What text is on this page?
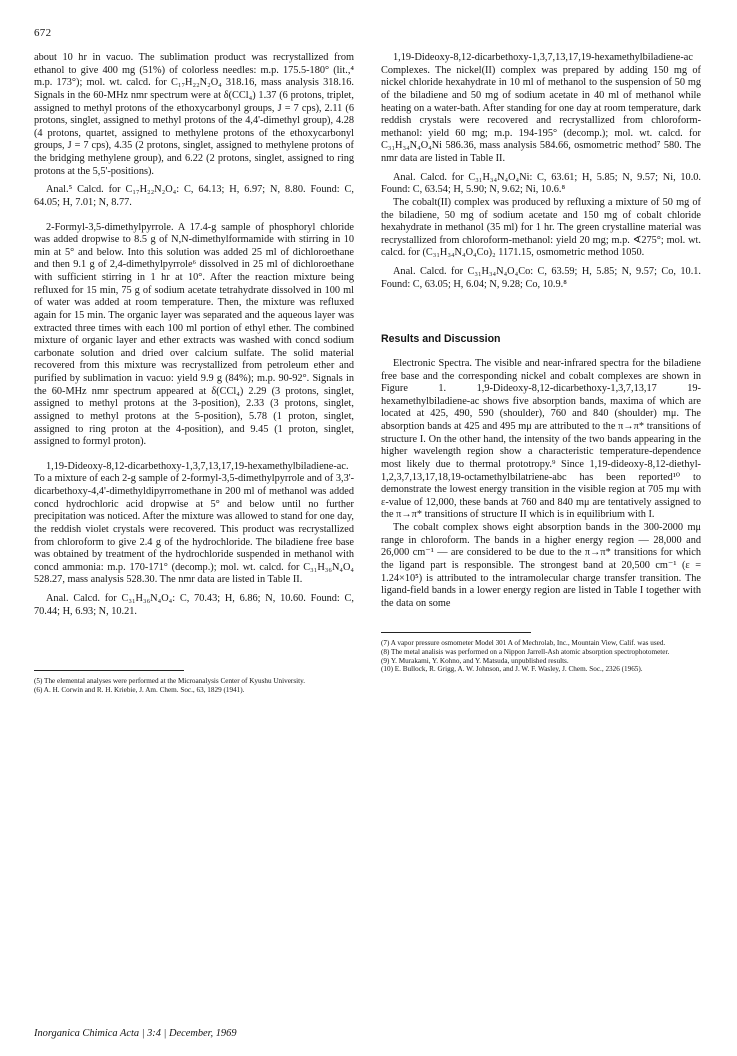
672

about 10 hr in vacuo. The sublimation product was recrystallized from ethanol to give 400 mg (51%) of colorless needles: m.p. 175.5-180° (lit.,⁴ m.p. 173°); mol. wt. calcd. for C₁₇H₂₂N₂O₄ 318.16, mass analysis 318.16. Signals in the 60-MHz nmr spectrum were at δ(CCl₄) 1.37 (6 protons, triplet, assigned to methyl protons of the ethoxycarbonyl groups, J = 7 cps), 2.11 (6 protons, singlet, assigned to methyl protons of the 4,4'-dimethyl group), 4.28 (4 protons, quartet, assigned to methylene protons of the ethoxycarbonyl groups, J = 7 cps), 4.35 (2 protons, singlet, assigned to methylene protons of the bridging methylene group), and 6.22 (2 protons, singlet, assigned to ring protons at the 5,5'-positions).

Anal.⁵ Calcd. for C₁₇H₂₂N₂O₄: C, 64.13; H, 6.97; N, 8.80. Found: C, 64.05; H, 7.01; N, 8.77.

2-Formyl-3,5-dimethylpyrrole. A 17.4-g sample of phosphoryl chloride was added dropwise to 8.5 g of N,N-dimethylformamide with stirring in 10 min at 5° and below. Into this solution was added 25 ml of dichloroethane and then 9.1 g of 2,4-dimethylpyrrole⁶ dissolved in 25 ml of dichloroethane with sufficient stirring in 1 hr at 10°. After the reaction mixture being refluxed for 15 min, 75 g of sodium acetate tetrahydrate dissolved in 100 ml of water was added at room temperature. Then, the mixture was refluxed again for 15 min. The organic layer was separated and the aqueous layer was extracted three times with each 100 ml portion of ethyl ether. The combined mixture of organic layer and ether extracts was washed with concd sodium carbonate solution and dried over calcium sulfate. The solid material recovered from this mixture was recrystallized from petroleum ether and purified by sublimation in vacuo: yield 9.9 g (84%); m.p. 90-92°. Signals in the 60-MHz nmr spectrum appeared at δ(CCl₄) 2.29 (3 protons, singlet, assigned to methyl protons at the 3-position), 2.33 (3 protons, singlet, assigned to methyl protons at the 5-position), 5.78 (1 proton, singlet, assigned to ring proton at the 4-position), and 9.45 (1 proton, singlet, assigned to formyl proton).

1,19-Dideoxy-8,12-dicarbethoxy-1,3,7,13,17,19-hexamethylbiladiene-ac. To a mixture of each 2-g sample of 2-formyl-3,5-dimethylpyrrole and of 3,3'-dicarbethoxy-4,4'-dimethyldipyrromethane in 200 ml of methanol was added concd hydrochloric acid dropwise at 5° and below until no further precipitation was noticed. After the mixture was allowed to stand for one day, the reddish violet crystals were recovered. This product was recrystallized from chloroform to give 2.4 g of the hydrochloride. The biladiene free base was obtained by treatment of the hydrochloride suspended in methanol with concd ammonia: m.p. 170-171° (decomp.); mol. wt. calcd. for C₃₁H₃₆N₄O₄ 528.27, mass analysis 528.30. The nmr data are listed in Table II.

Anal. Calcd. for C₃₁H₃₆N₄O₄: C, 70.43; H, 6.86; N, 10.60. Found: C, 70.44; H, 6.93; N, 10.21.

(5) The elemental analyses were performed at the Microanalysis Center of Kyushu University.

(6) A. H. Corwin and R. H. Kriebie, J. Am. Chem. Soc., 63, 1829 (1941).

1,19-Dideoxy-8,12-dicarbethoxy-1,3,7,13,17,19-hexamethylbiladiene-ac Complexes. The nickel(II) complex was prepared by adding 150 mg of nickel chloride hexahydrate in 10 ml of methanol to the suspension of 50 mg of the biladiene and 50 mg of sodium acetate in 40 ml of methanol while heating on a water-bath. After standing for one day at room temperature, dark reddish crystals were recovered and recrystallized from chloroform-methanol: yield 60 mg; m.p. 194-195° (decomp.); mol. wt. calcd. for C₃₁H₃₄N₄O₄Ni 586.36, mass analysis 584.66, osmometric method⁷ 580. The nmr data are listed in Table II.

Anal. Calcd. for C₃₁H₃₄N₄O₄Ni: C, 63.61; H, 5.85; N, 9.57; Ni, 10.0. Found: C, 63.54; H, 5.90; N, 9.62; Ni, 10.6.⁸

The cobalt(II) complex was produced by refluxing a mixture of 50 mg of the biladiene, 50 mg of sodium acetate and 150 mg of cobalt chloride hexahydrate in methanol (35 ml) for 1 hr. The green crystalline material was recrystallized from chloroform-methanol: yield 20 mg; m.p. ∢275°; mol. wt. calcd. for (C₃₁H₃₄N₄O₄Co)₂ 1171.15, osmometric method 1050.

Anal. Calcd. for C₃₁H₃₄N₄O₄Co: C, 63.59; H, 5.85; N, 9.57; Co, 10.1. Found: C, 63.05; H, 6.04; N, 9.28; Co, 10.9.⁸

Results and Discussion

Electronic Spectra. The visible and near-infrared spectra for the biladiene free base and the corresponding nickel and cobalt complexes are shown in Figure 1. 1,9-Dideoxy-8,12-dicarbethoxy-1,3,7,13,17 19-hexamethylbiladiene-ac shows five absorption bands, maxima of which are located at 425, 490, 590 (shoulder), 760 and 840 (shoulder) mμ. The absorption bands at 425 and 495 mμ are attributed to the π→π* transitions of structure I. On the other hand, the intensity of the two bands appearing in the higher wavelength region show a characteristic temperature-dependence most likely due to thermal prototropy.⁹ Since 1,19-dideoxy-8,12-diethyl-1,2,3,7,13,17,18,19-octamethylbilatriene-abc has been reported¹⁰ to demonstrate the lowest energy transition in the visible region at 705 mμ with ε-value of 12,000, these bands at 760 and 840 mμ are tentatively assigned to the π→π* transitions of structure II which is in equilibrium with I.

The cobalt complex shows eight absorption bands in the 300-2000 mμ range in chloroform. The bands in a higher energy region — 28,000 and 26,000 cm⁻¹ — are considered to be due to the π→π* transitions for which the ligand part is responsible. The strongest band at 20,500 cm⁻¹ (ε = 1.24×10⁵) is attributed to the intramolecular charge transfer transition. The ligand-field bands in a lower energy region are listed in Table I together with the data on some

(7) A vapor pressure osmometer Model 301 A of Mechrolab, Inc., Mountain View, Calif. was used.

(8) The metal analisis was performed on a Nippon Jarrell-Ash atomic absorption spectrophotometer.

(9) Y. Murakami, Y. Kohno, and Y. Matsuda, unpublished results.

(10) E. Bullock, R. Grigg, A. W. Johnson, and J. W. F. Wasley, J. Chem. Soc., 2326 (1965).

Inorganica Chimica Acta | 3:4 | December, 1969
